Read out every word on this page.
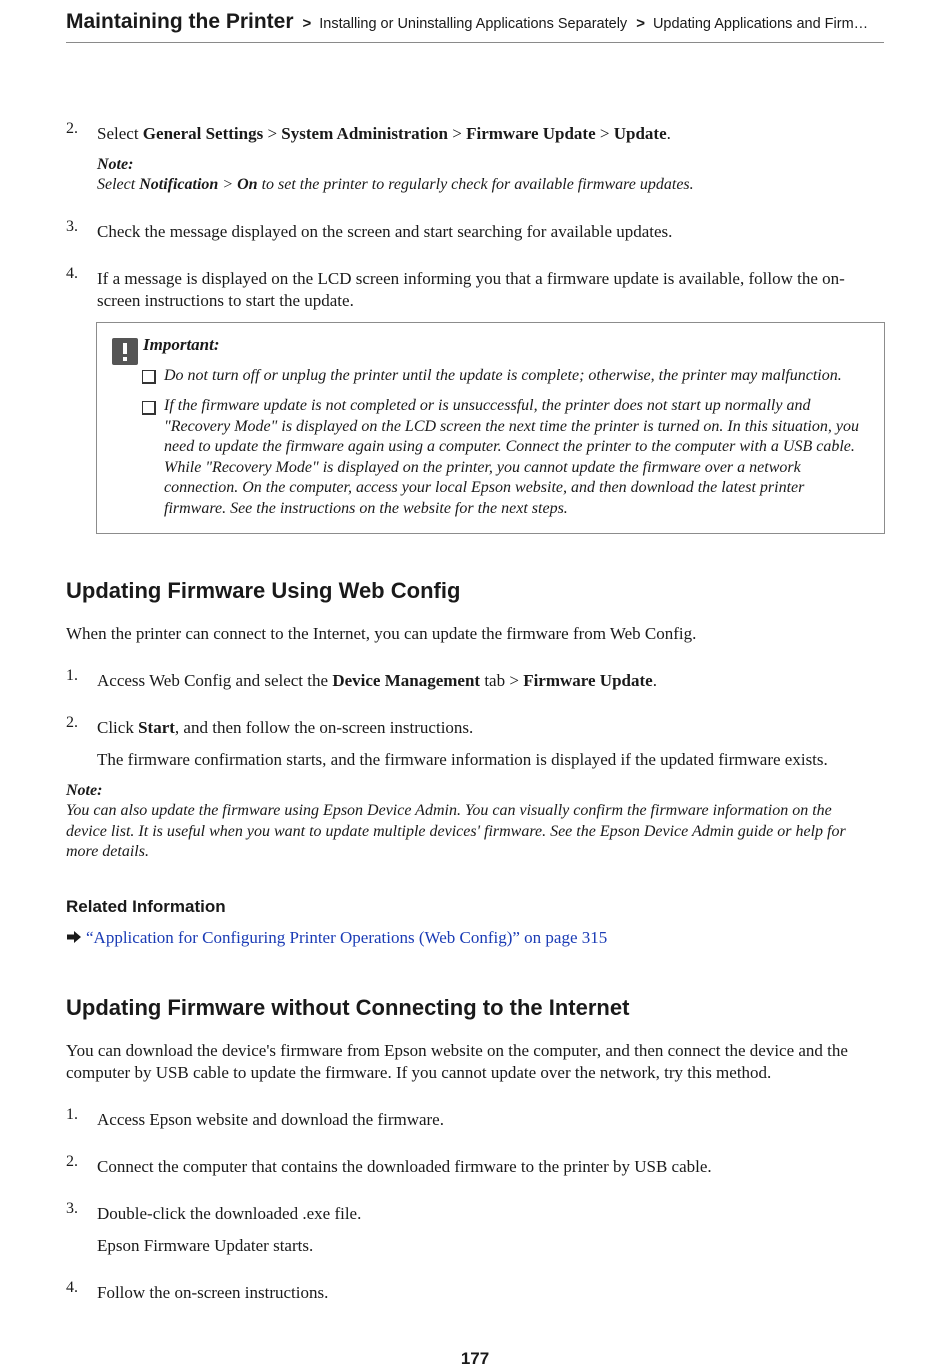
Maintaining the Printer > Installing or Uninstalling Applications Separately > Updating Applications and Firm…
2. Select General Settings > System Administration > Firmware Update > Update.
Note:
Select Notification > On to set the printer to regularly check for available firmware updates.
3. Check the message displayed on the screen and start searching for available updates.
4. If a message is displayed on the LCD screen informing you that a firmware update is available, follow the on-
screen instructions to start the update.
Important:
Do not turn off or unplug the printer until the update is complete; otherwise, the printer may malfunction.
If the firmware update is not completed or is unsuccessful, the printer does not start up normally and
"Recovery Mode" is displayed on the LCD screen the next time the printer is turned on. In this situation, you
need to update the firmware again using a computer. Connect the printer to the computer with a USB cable.
While "Recovery Mode" is displayed on the printer, you cannot update the firmware over a network
connection. On the computer, access your local Epson website, and then download the latest printer
firmware. See the instructions on the website for the next steps.
Updating Firmware Using Web Config
When the printer can connect to the Internet, you can update the firmware from Web Config.
1. Access Web Config and select the Device Management tab > Firmware Update.
2. Click Start, and then follow the on-screen instructions.
The firmware confirmation starts, and the firmware information is displayed if the updated firmware exists.
Note:
You can also update the firmware using Epson Device Admin. You can visually confirm the firmware information on the
device list. It is useful when you want to update multiple devices' firmware. See the Epson Device Admin guide or help for
more details.
Related Information
“Application for Configuring Printer Operations (Web Config)” on page 315
Updating Firmware without Connecting to the Internet
You can download the device's firmware from Epson website on the computer, and then connect the device and the
computer by USB cable to update the firmware. If you cannot update over the network, try this method.
1. Access Epson website and download the firmware.
2. Connect the computer that contains the downloaded firmware to the printer by USB cable.
3. Double-click the downloaded .exe file.
Epson Firmware Updater starts.
4. Follow the on-screen instructions.
177
